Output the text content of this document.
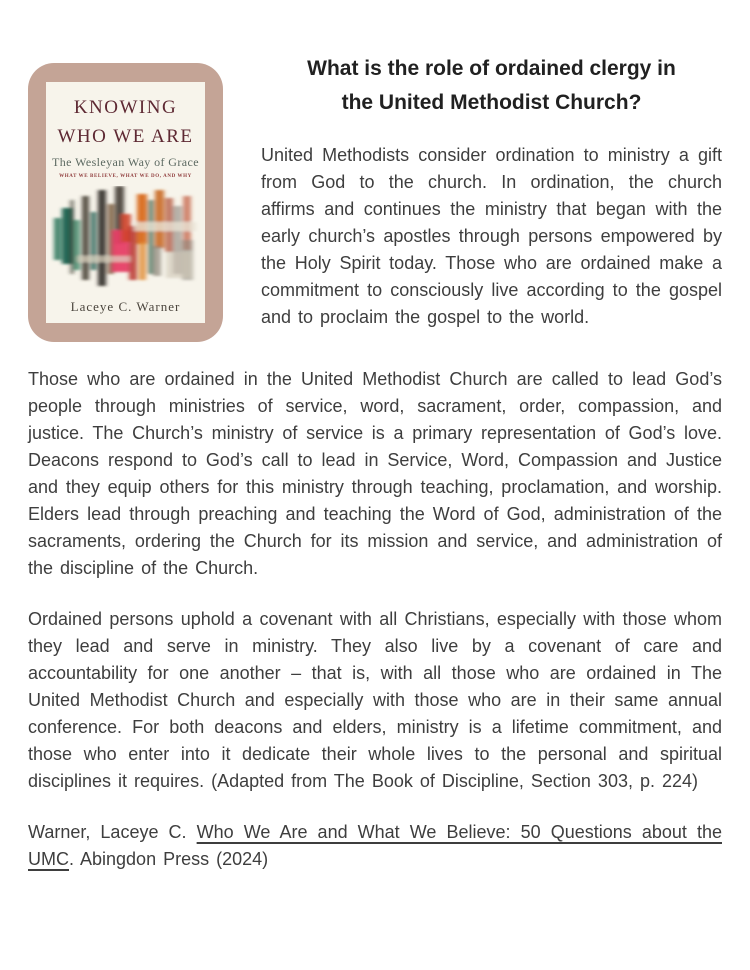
KNOWING
WHO WE ARE
The Wesleyan Way of Grace
WHAT WE BELIEVE, WHAT WE DO, AND WHY
Laceye C. Warner
What is the role of ordained clergy in
the United Methodist Church?

United Methodists consider ordination to ministry a gift from God to the church. In ordination, the church affirms and continues the ministry that began with the early church’s apostles through persons empowered by the Holy Spirit today. Those who are ordained make a commitment to consciously live according to the gospel and to proclaim the gospel to the world.

Those who are ordained in the United Methodist Church are called to lead God’s people through ministries of service, word, sacrament, order, compassion, and justice. The Church’s ministry of service is a primary representation of God’s love. Deacons respond to God’s call to lead in Service, Word, Compassion and Justice and they equip others for this ministry through teaching, proclamation, and worship. Elders lead through preaching and teaching the Word of God, administration of the sacraments, ordering the Church for its mission and service, and administration of the discipline of the Church.

Ordained persons uphold a covenant with all Christians, especially with those whom they lead and serve in ministry. They also live by a covenant of care and accountability for one another – that is, with all those who are ordained in The United Methodist Church and especially with those who are in their same annual conference. For both deacons and elders, ministry is a lifetime commitment, and those who enter into it dedicate their whole lives to the personal and spiritual disciplines it requires. (Adapted from The Book of Discipline, Section 303, p. 224)

Warner, Laceye C. Who We Are and What We Believe: 50 Questions about the UMC. Abingdon Press (2024)
